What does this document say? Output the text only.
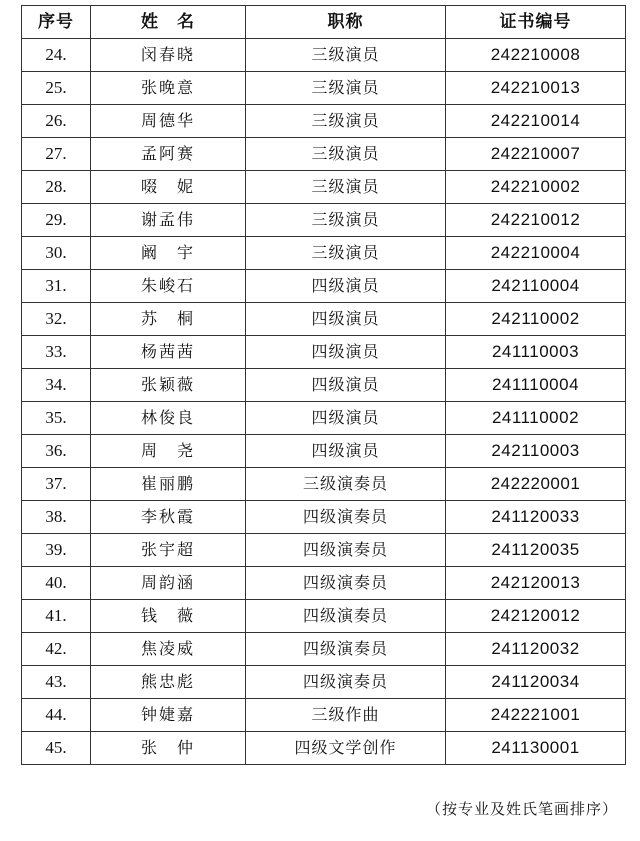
序号	姓　名	职称	证书编号
24.	闵春晓	三级演员	242210008
25.	张晚意	三级演员	242210013
26.	周德华	三级演员	242210014
27.	孟阿赛	三级演员	242210007
28.	啜　妮	三级演员	242210002
29.	谢孟伟	三级演员	242210012
30.	阚　宇	三级演员	242210004
31.	朱峻石	四级演员	242110004
32.	苏　桐	四级演员	242110002
33.	杨茜茜	四级演员	241110003
34.	张颖薇	四级演员	241110004
35.	林俊良	四级演员	241110002
36.	周　尧	四级演员	242110003
37.	崔丽鹏	三级演奏员	242220001
38.	李秋霞	四级演奏员	241120033
39.	张宇超	四级演奏员	241120035
40.	周韵涵	四级演奏员	242120013
41.	钱　薇	四级演奏员	242120012
42.	焦凌威	四级演奏员	241120032
43.	熊忠彪	四级演奏员	241120034
44.	钟婕嘉	三级作曲	242221001
45.	张　仲	四级文学创作	241130001
（按专业及姓氏笔画排序）
